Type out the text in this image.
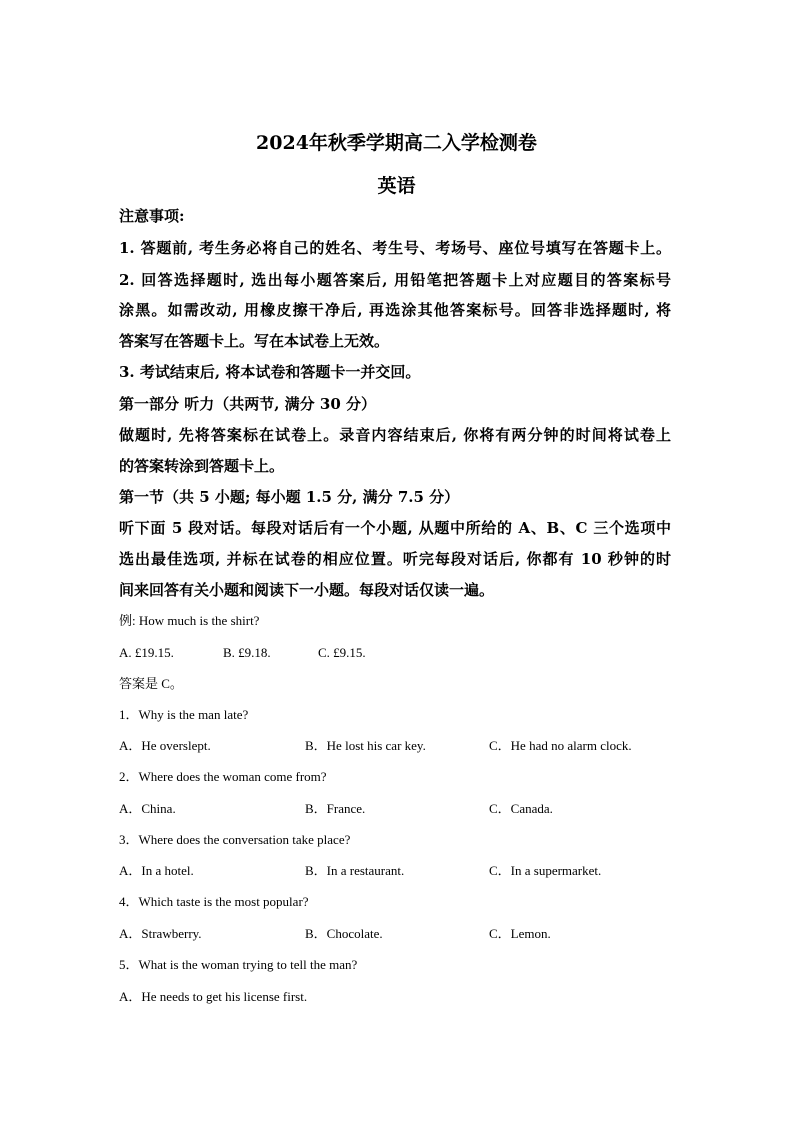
2024年秋季学期高二入学检测卷
英语
注意事项:
1. 答题前, 考生务必将自己的姓名、考生号、考场号、座位号填写在答题卡上。
2. 回答选择题时, 选出每小题答案后, 用铅笔把答题卡上对应题目的答案标号
涂黑。如需改动, 用橡皮擦干净后, 再选涂其他答案标号。回答非选择题时, 将
答案写在答题卡上。写在本试卷上无效。
3. 考试结束后, 将本试卷和答题卡一并交回。
第一部分 听力（共两节, 满分 30 分）
做题时, 先将答案标在试卷上。录音内容结束后, 你将有两分钟的时间将试卷上
的答案转涂到答题卡上。
第一节（共 5 小题; 每小题 1.5 分, 满分 7.5 分）
听下面 5 段对话。每段对话后有一个小题, 从题中所给的 A、B、C 三个选项中
选出最佳选项, 并标在试卷的相应位置。听完每段对话后, 你都有 10 秒钟的时
间来回答有关小题和阅读下一小题。每段对话仅读一遍。
例: How much is the shirt?
A. £19.15.	B. £9.18.	C. £9.15.
答案是 C。
1．Why is the man late?
A．He overslept.	B．He lost his car key.	C．He had no alarm clock.
2．Where does the woman come from?
A．China.	B．France.	C．Canada.
3．Where does the conversation take place?
A．In a hotel.	B．In a restaurant.	C．In a supermarket.
4．Which taste is the most popular?
A．Strawberry.	B．Chocolate.	C．Lemon.
5．What is the woman trying to tell the man?
A．He needs to get his license first.
